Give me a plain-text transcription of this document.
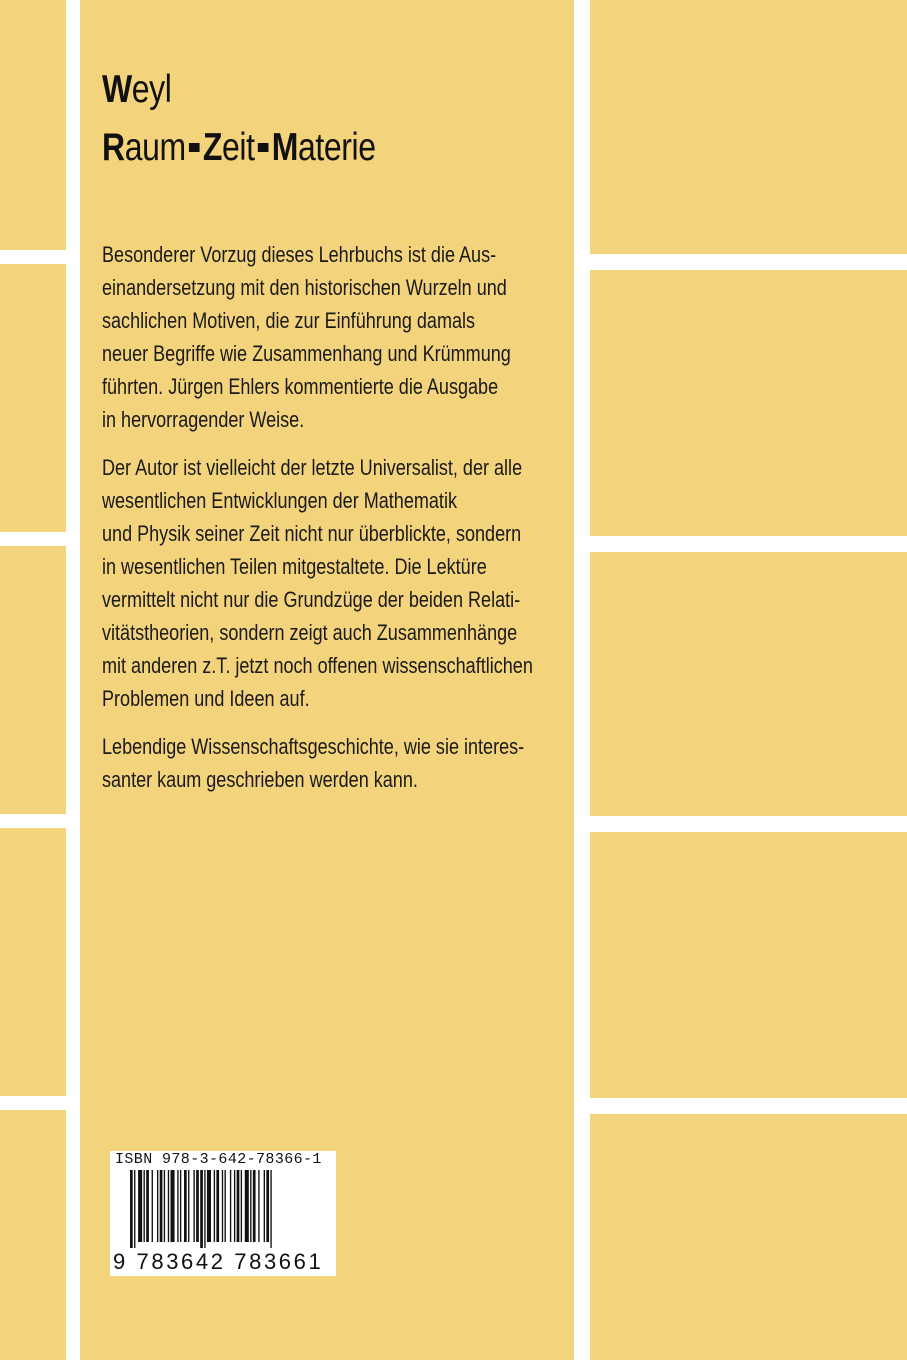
Weyl
Raum Zeit Materie

Besonderer Vorzug dieses Lehrbuchs ist die Aus-
einandersetzung mit den historischen Wurzeln und
sachlichen Motiven, die zur Einführung damals
neuer Begriffe wie Zusammenhang und Krümmung
führten. Jürgen Ehlers kommentierte die Ausgabe
in hervorragender Weise.

Der Autor ist vielleicht der letzte Universalist, der alle
wesentlichen Entwicklungen der Mathematik
und Physik seiner Zeit nicht nur überblickte, sondern
in wesentlichen Teilen mitgestaltete. Die Lektüre
vermittelt nicht nur die Grundzüge der beiden Relati-
vitätstheorien, sondern zeigt auch Zusammenhänge
mit anderen z.T. jetzt noch offenen wissenschaftlichen
Problemen und Ideen auf.

Lebendige Wissenschaftsgeschichte, wie sie interes-
santer kaum geschrieben werden kann.

ISBN 978-3-642-78366-1
9 783642 783661
